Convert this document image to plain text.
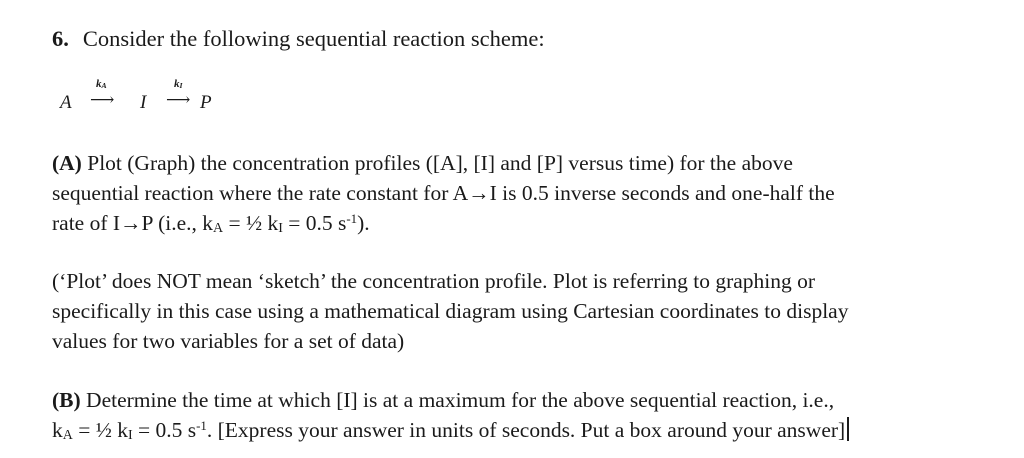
6. Consider the following sequential reaction scheme:
A
$k_A$
⟶ I
$k_I$
⟶ P
(A) Plot (Graph) the concentration profiles ([A], [I] and [P] versus time) for the above
sequential reaction where the rate constant for A→I is 0.5 inverse seconds and one-half the
rate of I→P (i.e., $k_A$ = ½ $k_I = 0.5$ $s^{-1}$).
(‘Plot’ does NOT mean ‘sketch’ the concentration profile. Plot is referring to graphing or
specifically in this case using a mathematical diagram using Cartesian coordinates to display
values for two variables for a set of data)
(B) Determine the time at which [I] is at a maximum for the above sequential reaction, i.e.,
$k_A$ = ½ $k_I = 0.5$ $s^{-1}$. [Express your answer in units of seconds. Put a box around your answer]
